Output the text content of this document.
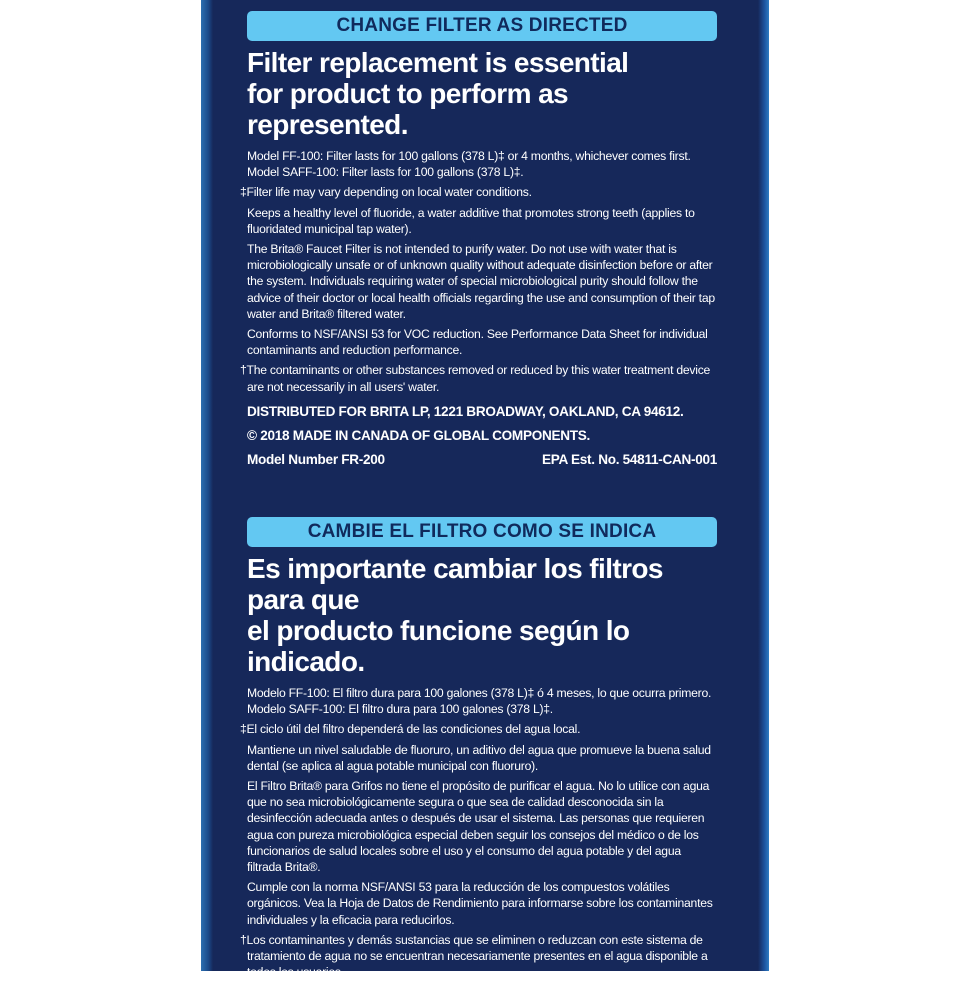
CHANGE FILTER AS DIRECTED
Filter replacement is essential
for product to perform as represented.
Model FF-100: Filter lasts for 100 gallons (378 L)‡ or 4 months, whichever comes first.
Model SAFF-100: Filter lasts for 100 gallons (378 L)‡.
‡Filter life may vary depending on local water conditions.
Keeps a healthy level of fluoride, a water additive that promotes strong teeth (applies to fluoridated municipal tap water).
The Brita® Faucet Filter is not intended to purify water. Do not use with water that is microbiologically unsafe or of unknown quality without adequate disinfection before or after the system. Individuals requiring water of special microbiological purity should follow the advice of their doctor or local health officials regarding the use and consumption of their tap water and Brita® filtered water.
Conforms to NSF/ANSI 53 for VOC reduction. See Performance Data Sheet for individual contaminants and reduction performance.
†The contaminants or other substances removed or reduced by this water treatment device are not necessarily in all users' water.
DISTRIBUTED FOR BRITA LP, 1221 BROADWAY, OAKLAND, CA 94612.
© 2018 MADE IN CANADA OF GLOBAL COMPONENTS.
Model Number FR-200	EPA Est. No. 54811-CAN-001
CAMBIE EL FILTRO COMO SE INDICA
Es importante cambiar los filtros para que
el producto funcione según lo indicado.
Modelo FF-100: El filtro dura para 100 galones (378 L)‡ ó 4 meses, lo que ocurra primero.
Modelo SAFF-100: El filtro dura para 100 galones (378 L)‡.
‡El ciclo útil del filtro dependerá de las condiciones del agua local.
Mantiene un nivel saludable de fluoruro, un aditivo del agua que promueve la buena salud dental (se aplica al agua potable municipal con fluoruro).
El Filtro Brita® para Grifos no tiene el propósito de purificar el agua. No lo utilice con agua que no sea microbiológicamente segura o que sea de calidad desconocida sin la desinfección adecuada antes o después de usar el sistema. Las personas que requieren agua con pureza microbiológica especial deben seguir los consejos del médico o de los funcionarios de salud locales sobre el uso y el consumo del agua potable y del agua filtrada Brita®.
Cumple con la norma NSF/ANSI 53 para la reducción de los compuestos volátiles orgánicos. Vea la Hoja de Datos de Rendimiento para informarse sobre los contaminantes individuales y la eficacia para reducirlos.
†Los contaminantes y demás sustancias que se eliminen o reduzcan con este sistema de tratamiento de agua no se encuentran necesariamente presentes en el agua disponible a todos los usuarios.
Modelo Número FR-200	EPA Est. No. 54811-CAN-001
